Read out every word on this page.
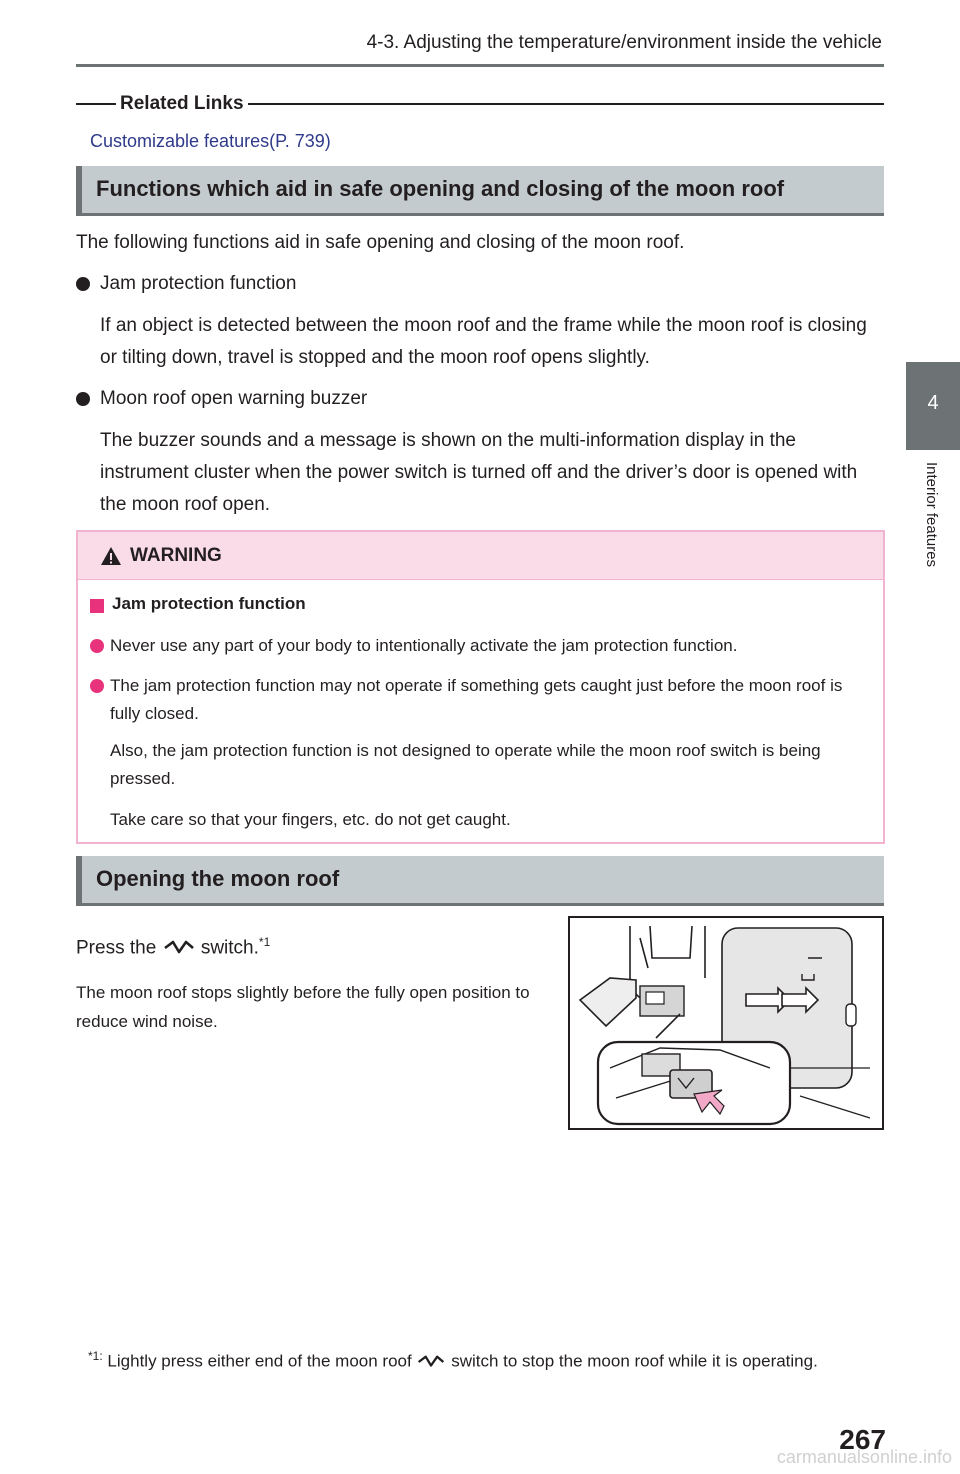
4-3. Adjusting the temperature/environment inside the vehicle
4
Interior features
Related Links
Customizable features(P. 739)
Functions which aid in safe opening and closing of the moon roof
The following functions aid in safe opening and closing of the moon roof.
Jam protection function
If an object is detected between the moon roof and the frame while the moon roof is closing or tilting down, travel is stopped and the moon roof opens slightly.
Moon roof open warning buzzer
The buzzer sounds and a message is shown on the multi-information display in the instrument cluster when the power switch is turned off and the driver’s door is opened with the moon roof open.
WARNING
Jam protection function
Never use any part of your body to intentionally activate the jam protection function.
The jam protection function may not operate if something gets caught just before the moon roof is fully closed.
Also, the jam protection function is not designed to operate while the moon roof switch is being pressed.
Take care so that your fingers, etc. do not get caught.
Opening the moon roof
Press the switch.$^{*1}$
The moon roof stops slightly before the fully open position to reduce wind noise.
$^{*1:}$ Lightly press either end of the moon roof switch to stop the moon roof while it is operating.
267
carmanualsonline.info
